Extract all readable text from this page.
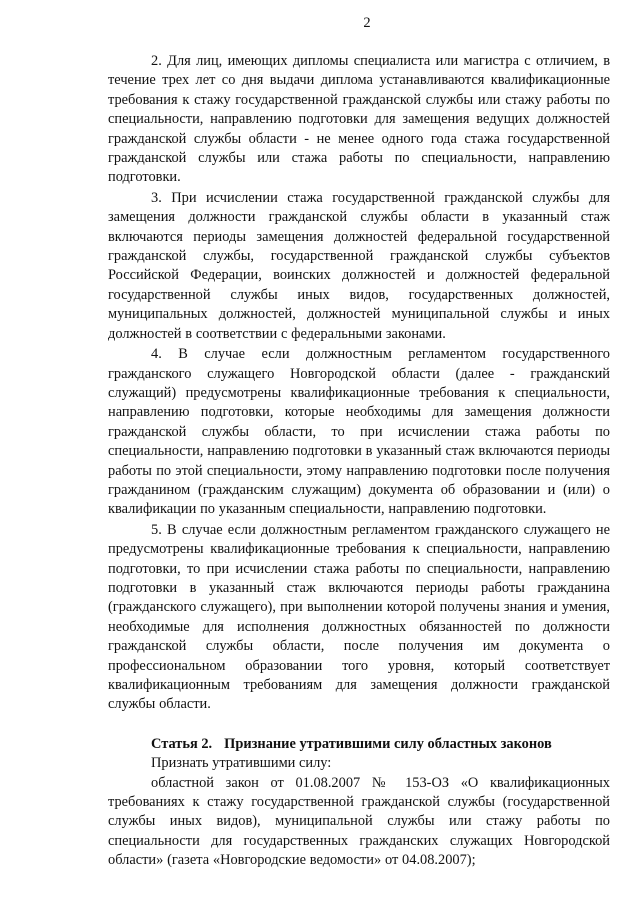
2

2. Для лиц, имеющих дипломы специалиста или магистра с отличием, в течение трех лет со дня выдачи диплома устанавливаются квалификационные требования к стажу государственной гражданской службы или стажу работы по специальности, направлению подготовки для замещения ведущих должностей гражданской службы области - не менее одного года стажа государственной гражданской службы или стажа работы по специальности, направлению подготовки.

3. При исчислении стажа государственной гражданской службы для замещения должности гражданской службы области в указанный стаж включаются периоды замещения должностей федеральной государственной гражданской службы, государственной гражданской службы субъектов Российской Федерации, воинских должностей и должностей федеральной государственной службы иных видов, государственных должностей, муниципальных должностей, должностей муниципальной службы и иных должностей в соответствии с федеральными законами.

4. В случае если должностным регламентом государственного гражданского служащего Новгородской области (далее - гражданский служащий) предусмотрены квалификационные требования к специальности, направлению подготовки, которые необходимы для замещения должности гражданской службы области, то при исчислении стажа работы по специальности, направлению подготовки в указанный стаж включаются периоды работы по этой специальности, этому направлению подготовки после получения гражданином (гражданским служащим) документа об образовании и (или) о квалификации по указанным специальности, направлению подготовки.

5. В случае если должностным регламентом гражданского служащего не предусмотрены квалификационные требования к специальности, направлению подготовки, то при исчислении стажа работы по специальности, направлению подготовки в указанный стаж включаются периоды работы гражданина (гражданского служащего), при выполнении которой получены знания и умения, необходимые для исполнения должностных обязанностей по должности гражданской службы области, после получения им документа о профессиональном образовании того уровня, который соответствует квалификационным требованиям для замещения должности гражданской службы области.

Статья 2. Признание утратившими силу областных законов

Признать утратившими силу:

областной закон от 01.08.2007 № 153-ОЗ «О квалификационных требованиях к стажу государственной гражданской службы (государственной службы иных видов), муниципальной службы или стажу работы по специальности для государственных гражданских служащих Новгородской области» (газета «Новгородские ведомости» от 04.08.2007);
